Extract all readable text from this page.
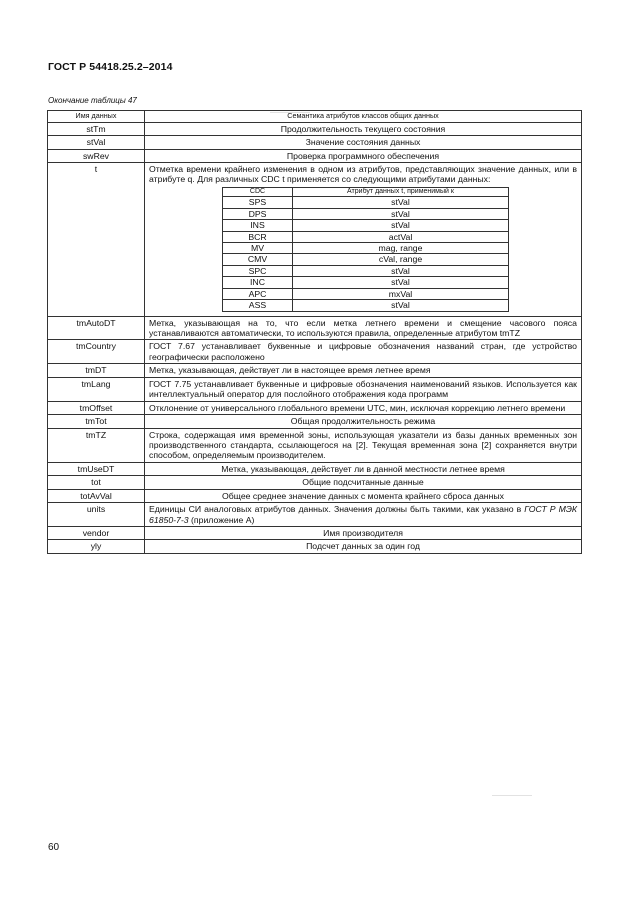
ГОСТ Р 54418.25.2–2014
Окончание таблицы 47
Имя данных	Семантика атрибутов классов общих данных
stTm	Продолжительность текущего состояния
stVal	Значение состояния данных
swRev	Проверка программного обеспечения
t	Отметка времени крайнего изменения в одном из атрибутов, представляющих значение данных, или в атрибуте q. Для различных CDC t применяется со следующими атрибутами данных:
CDC	Атрибут данных t, применимый к
SPS	stVal
DPS	stVal
INS	stVal
BCR	actVal
MV	mag, range
CMV	cVal, range
SPC	stVal
INC	stVal
APC	mxVal
ASS	stVal

tmAutoDT	Метка, указывающая на то, что если метка летнего времени и смещение часового пояса устанавливаются автоматически, то используются правила, определенные атрибутом tmTZ
tmCountry	ГОСТ 7.67 устанавливает буквенные и цифровые обозначения названий стран, где устройство географически расположено
tmDT	Метка, указывающая, действует ли в настоящее время летнее время
tmLang	ГОСТ 7.75 устанавливает буквенные и цифровые обозначения наименований языков. Используется как интеллектуальный оператор для послойного отображения кода программ
tmOffset	Отклонение от универсального глобального времени UTC, мин, исключая коррекцию летнего времени
tmTot	Общая продолжительность режима
tmTZ	Строка, содержащая имя временной зоны, использующая указатели из базы данных временных зон производственного стандарта, ссылающегося на [2]. Текущая временная зона [2] сохраняется внутри способом, определяемым производителем.
tmUseDT	Метка, указывающая, действует ли в данной местности летнее время
tot	Общие подсчитанные данные
totAvVal	Общее среднее значение данных с момента крайнего сброса данных
units	Единицы СИ аналоговых атрибутов данных. Значения должны быть такими, как указано в ГОСТ Р МЭК 61850-7-3 (приложение А)
vendor	Имя производителя
yly	Подсчет данных за один год
60
